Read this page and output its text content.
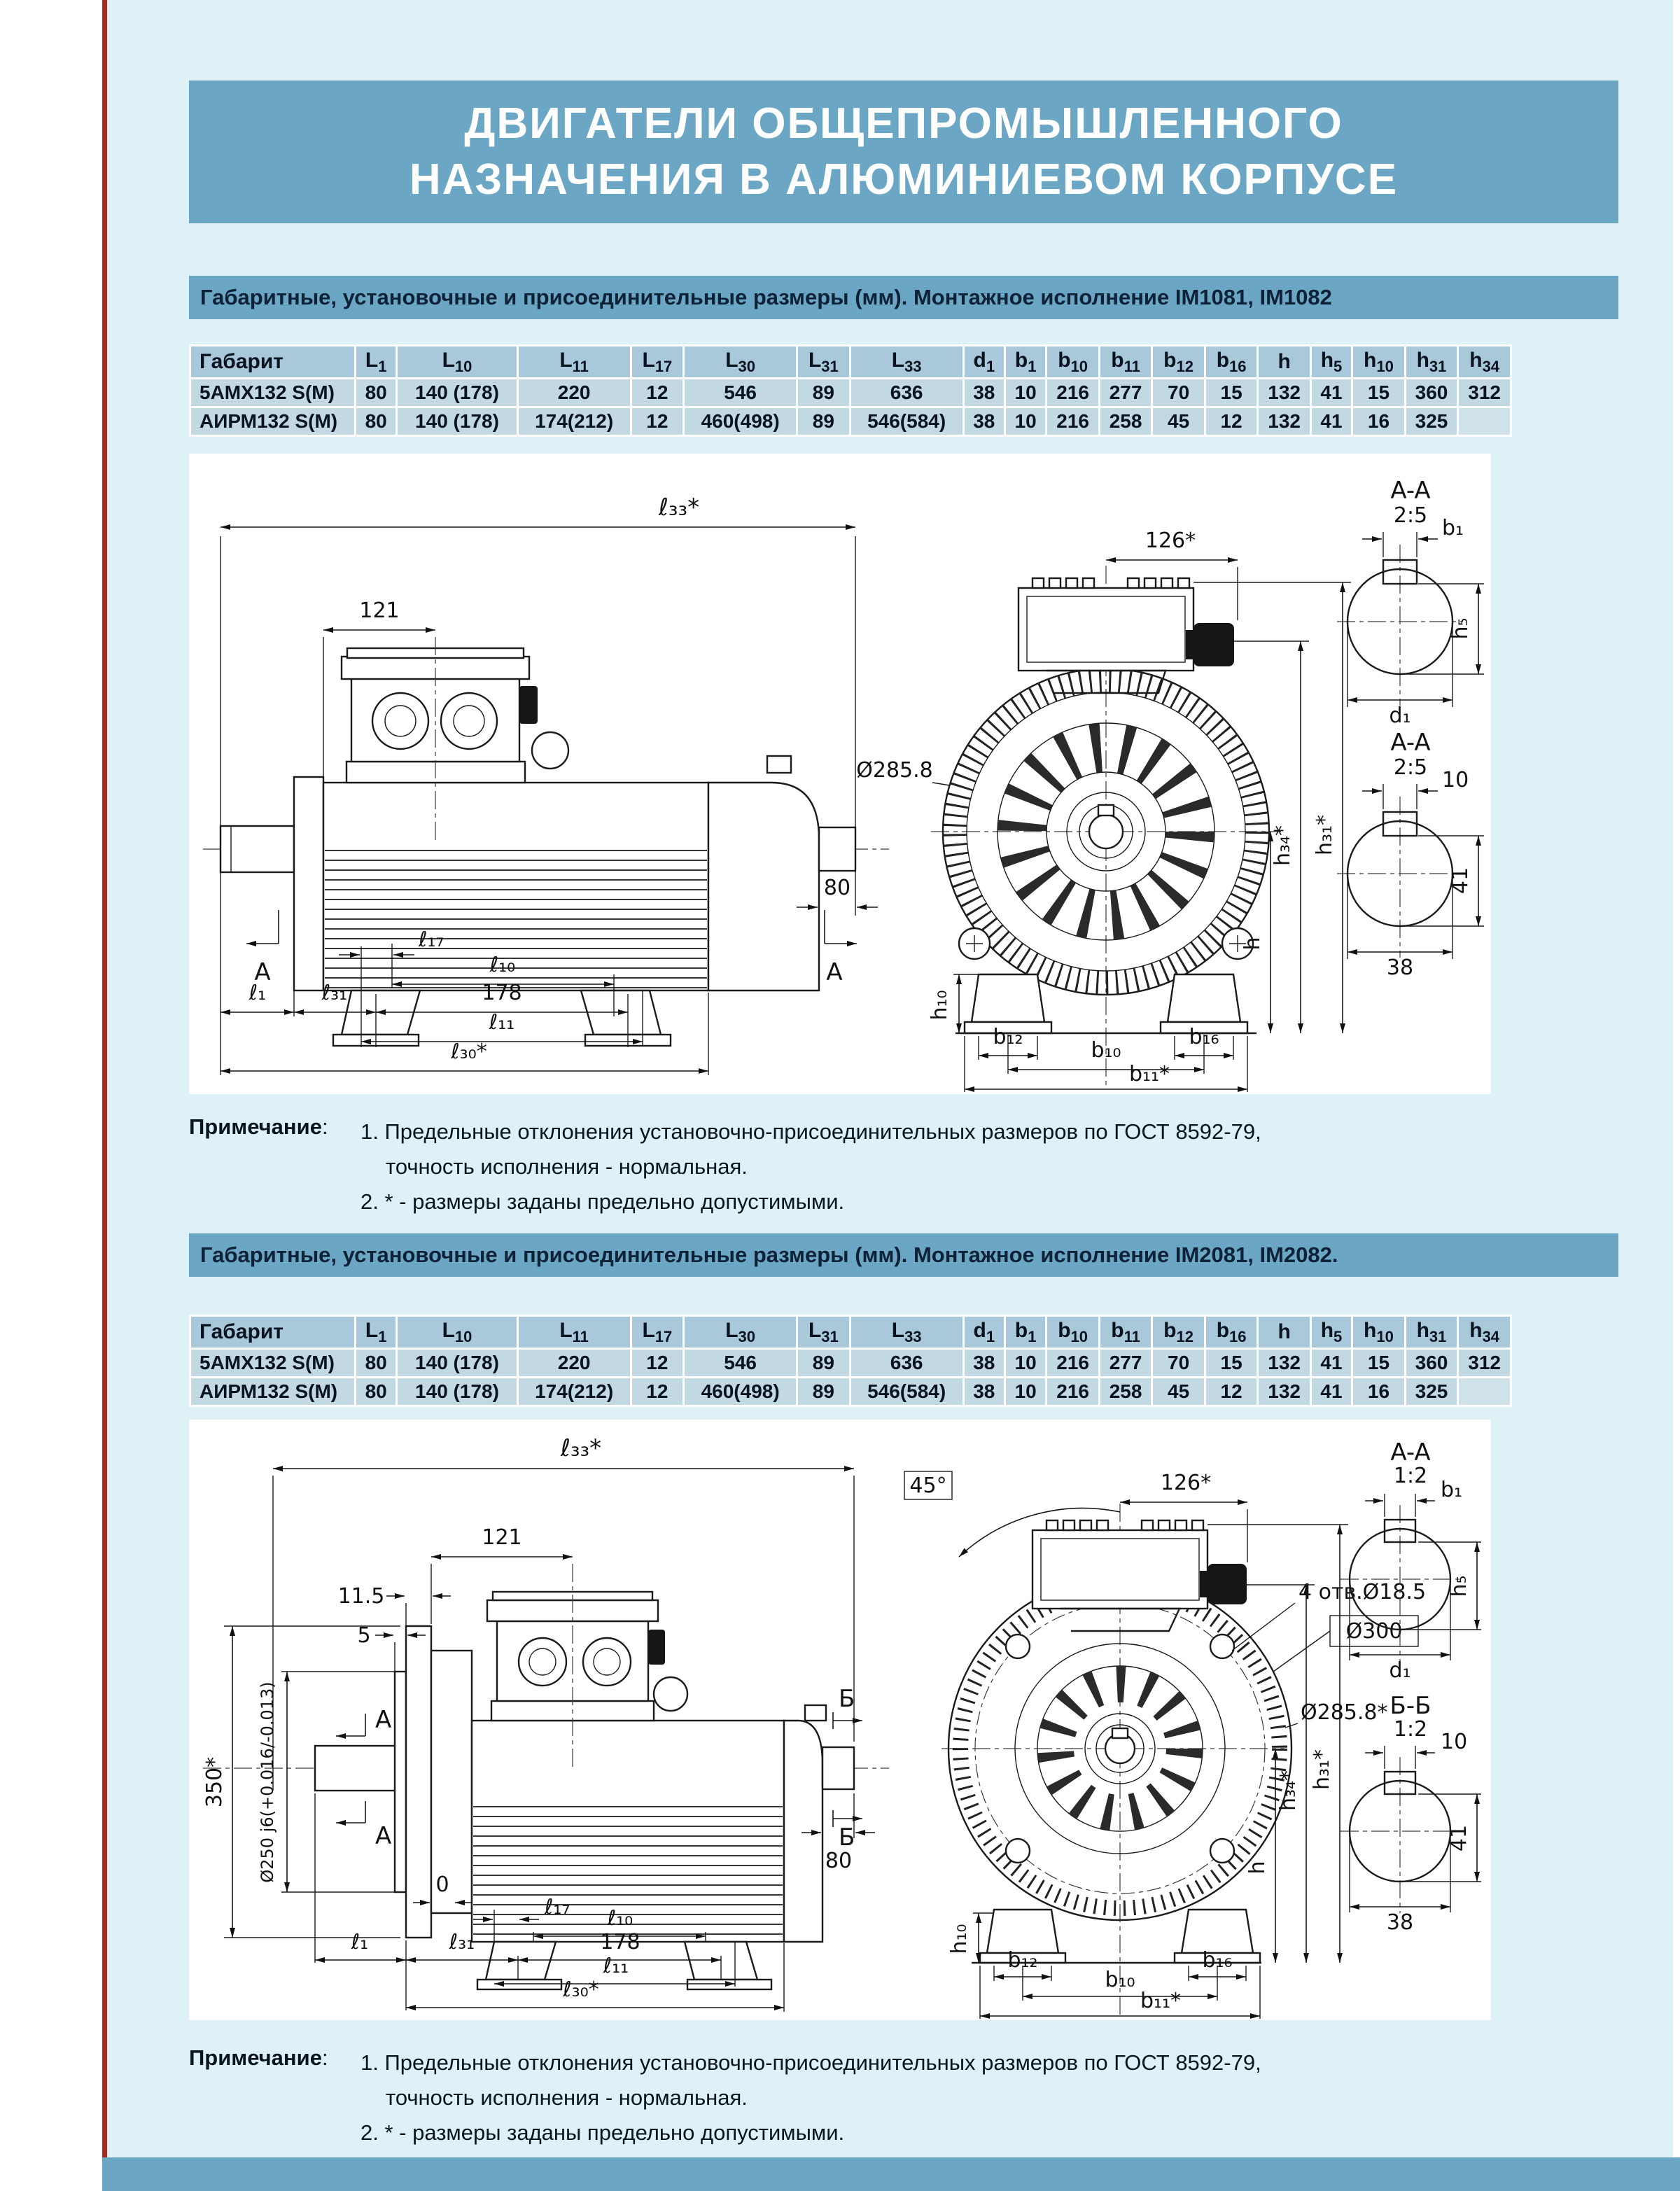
ДВИГАТЕЛИ ОБЩЕПРОМЫШЛЕННОГО
НАЗНАЧЕНИЯ В АЛЮМИНИЕВОМ КОРПУСЕ
Габаритные, установочные и присоединительные размеры (мм). Монтажное исполнение IM1081, IM1082
Габарит	$L_1$	$L_{10}$	$L_{11}$	$L_{17}$	$L_{30}$	$L_{31}$	$L_{33}$	$d_1$	$b_1$	$b_{10}$	$b_{11}$	$b_{12}$	$b_{16}$	h	$h_5$	$h_{10}$	$h_{31}$	$h_{34}$
5АМХ132 S(M)	80	140 (178)	220	12	546	89	636	38	10	216	277	70	15	132	41	15	360	312
АИРМ132 S(M)	80	140 (178)	174(212)	12	460(498)	89	546(584)	38	10	216	258	45	12	132	41	16	325	
ℓ₃₃*
121
A	A
80
ℓ₁₇
ℓ₁₀
ℓ₁	ℓ₃₁	178
ℓ₁₁
ℓ₃₀*
126*
Ø285.8
h₃₄* h₃₁*
h
h₁₀
b₁₂	b₁₆
b₁₀
b₁₁*
A-A
2:5
b₁
h₅
d₁
A-A
2:5
10
41
38
Примечание:	1. Предельные отклонения установочно-присоединительных размеров по ГОСТ 8592-79,
точность исполнения - нормальная.
2. * - размеры заданы предельно допустимыми.
Габаритные, установочные и присоединительные размеры (мм). Монтажное исполнение IM2081, IM2082.
Габарит	$L_1$	$L_{10}$	$L_{11}$	$L_{17}$	$L_{30}$	$L_{31}$	$L_{33}$	$d_1$	$b_1$	$b_{10}$	$b_{11}$	$b_{12}$	$b_{16}$	h	$h_5$	$h_{10}$	$h_{31}$	$h_{34}$
5АМХ132 S(M)	80	140 (178)	220	12	546	89	636	38	10	216	277	70	15	132	41	15	360	312
АИРМ132 S(M)	80	140 (178)	174(212)	12	460(498)	89	546(584)	38	10	216	258	45	12	132	41	16	325	
ℓ₃₃*
121
11.5
5
350* Ø250 j6(+0.016/-0.013)	A
A
Б
Б
80
0
ℓ₁₇ ℓ₁₀
ℓ₁	ℓ₃₁	178
ℓ₁₁
ℓ₃₀*
45°	126*
4 отв.Ø18.5
Ø300
Ø285.8*
h₃₄*
h₃₁*
h
h₁₀
b₁₂	b₁₆
b₁₀
b₁₁*
A-A
1:2
b₁
h₅
d₁
Б-Б
1:2
10
41
38
Примечание:	1. Предельные отклонения установочно-присоединительных размеров по ГОСТ 8592-79,
точность исполнения - нормальная.
2. * - размеры заданы предельно допустимыми.
